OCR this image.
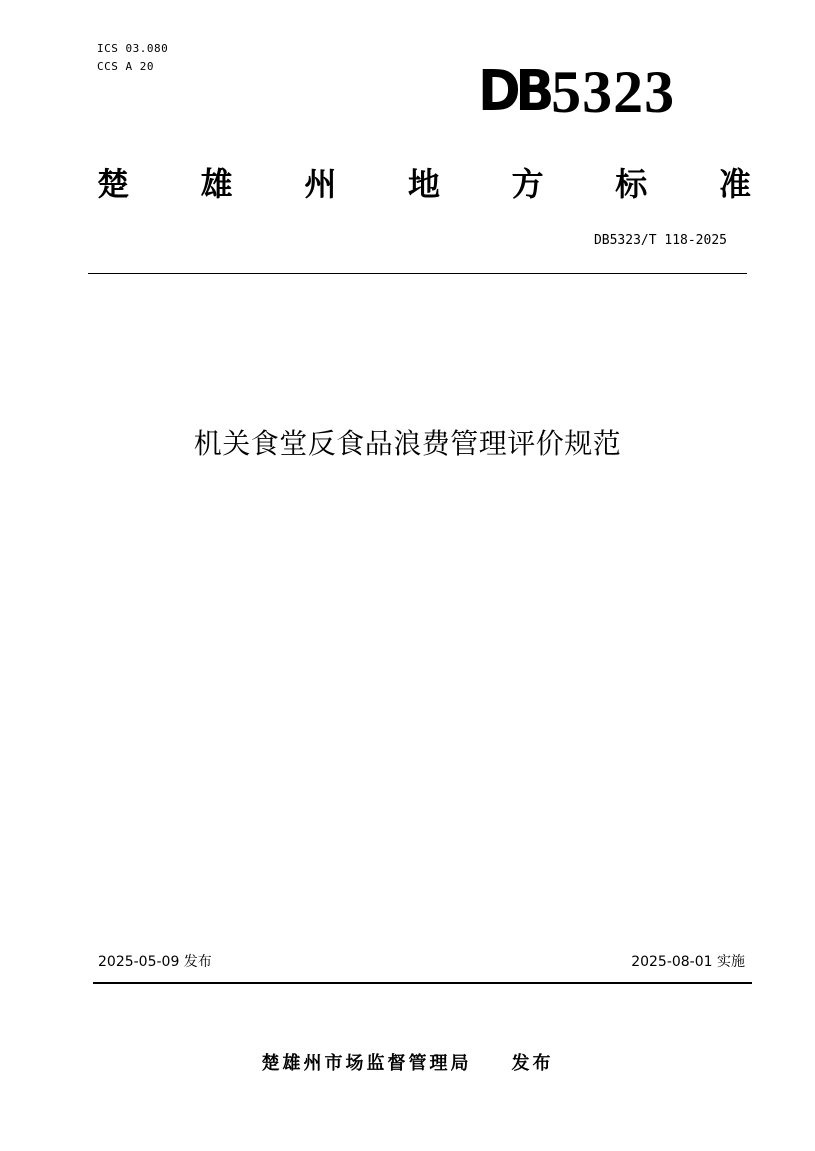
ICS 03.080
CCS A 20	DB 5323
楚 雄 州 地 方 标 准
DB5323/T 118-2025
机关食堂反食品浪费管理评价规范
2025-05-09 发布	2025-08-01 实施
楚雄州市场监督管理局 发布
